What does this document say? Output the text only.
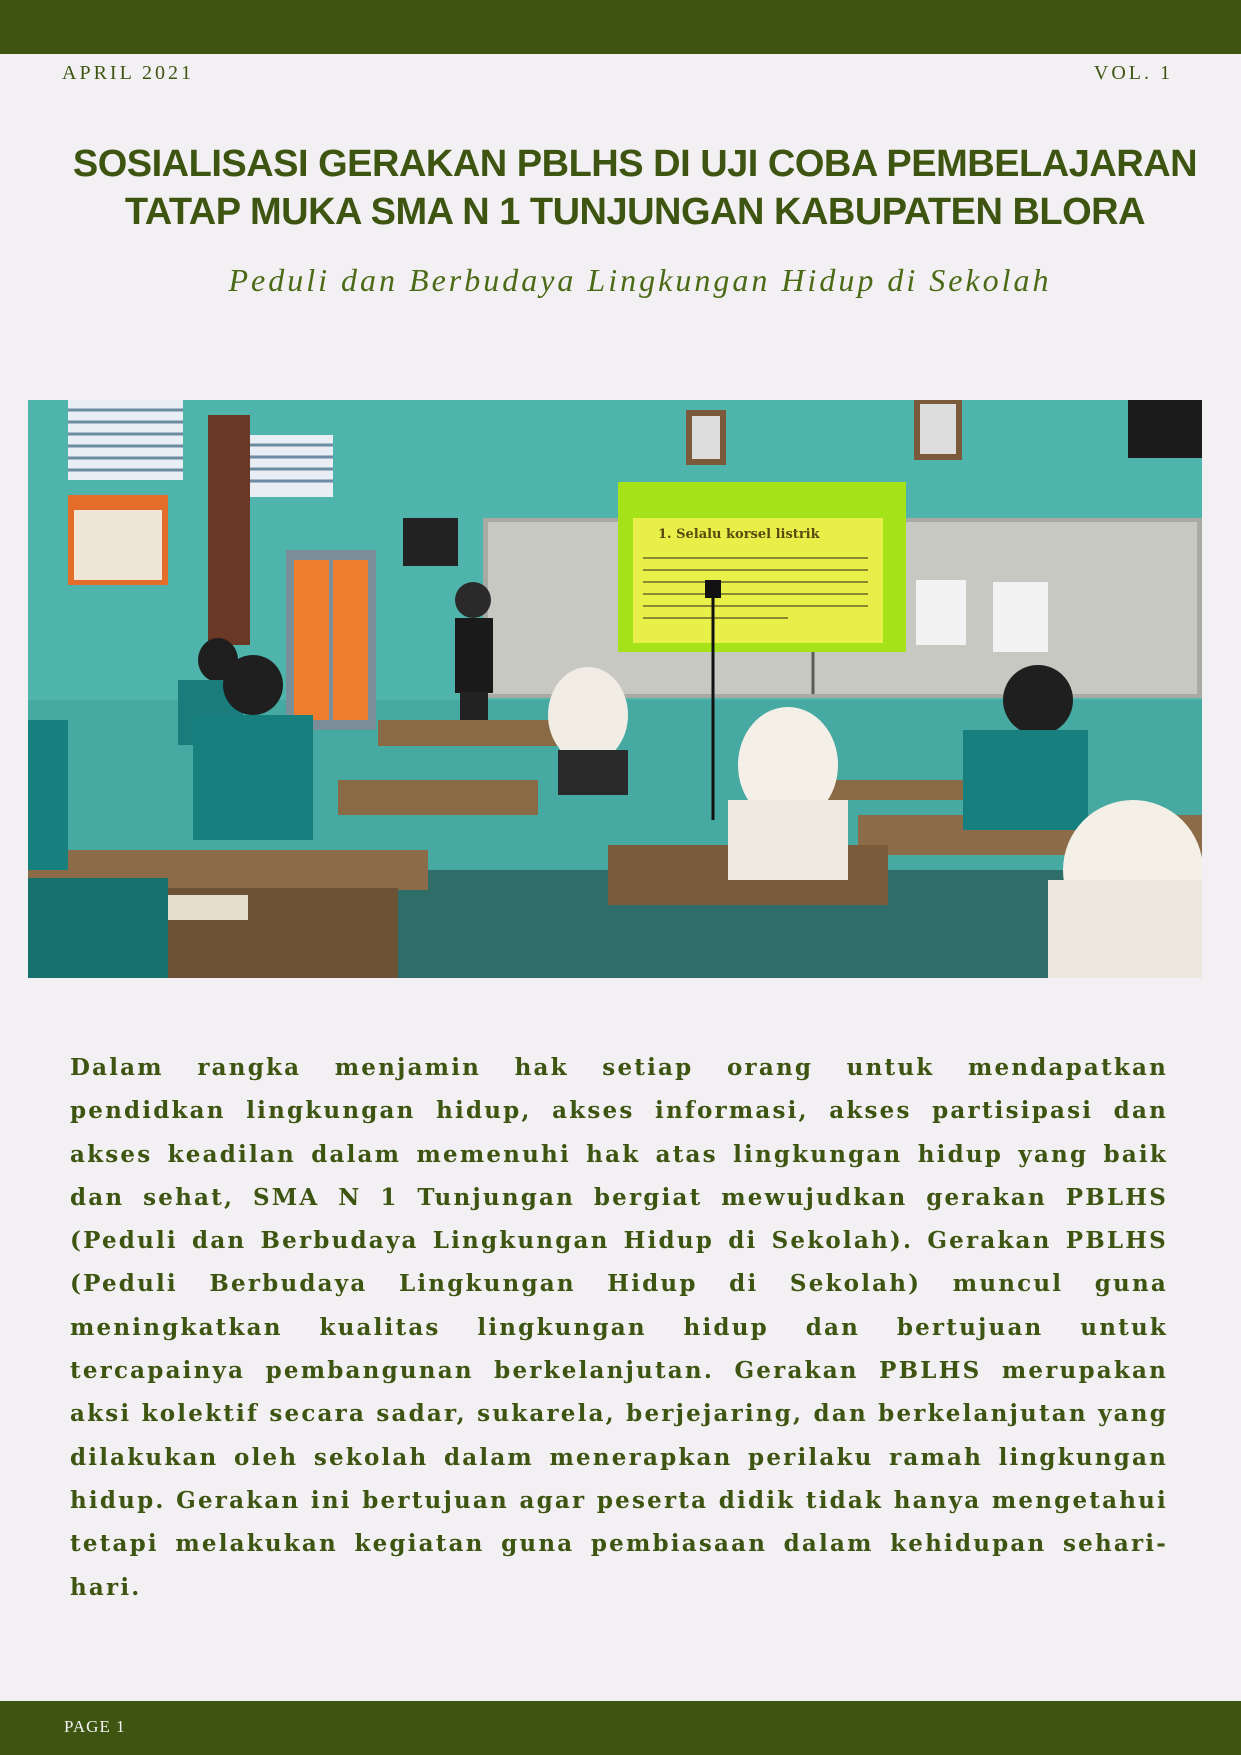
APRIL 2021	VOL. 1
SOSIALISASI GERAKAN PBLHS DI UJI COBA PEMBELAJARAN TATAP MUKA SMA N 1 TUNJUNGAN KABUPATEN BLORA
Peduli dan Berbudaya Lingkungan Hidup di Sekolah
1. Selalu korsel listrik

Dalam rangka menjamin hak setiap orang untuk mendapatkan pendidkan lingkungan hidup, akses informasi, akses partisipasi dan akses keadilan dalam memenuhi hak atas lingkungan hidup yang baik dan sehat, SMA N 1 Tunjungan bergiat mewujudkan gerakan PBLHS (Peduli dan Berbudaya Lingkungan Hidup di Sekolah). Gerakan PBLHS (Peduli Berbudaya Lingkungan Hidup di Sekolah) muncul guna meningkatkan kualitas lingkungan hidup dan bertujuan untuk tercapainya pembangunan berkelanjutan. Gerakan PBLHS merupakan aksi kolektif secara sadar, sukarela, berjejaring, dan berkelanjutan yang dilakukan oleh sekolah dalam menerapkan perilaku ramah lingkungan hidup. Gerakan ini bertujuan agar peserta didik tidak hanya mengetahui tetapi melakukan kegiatan guna pembiasaan dalam kehidupan sehari-hari.

PAGE 1
